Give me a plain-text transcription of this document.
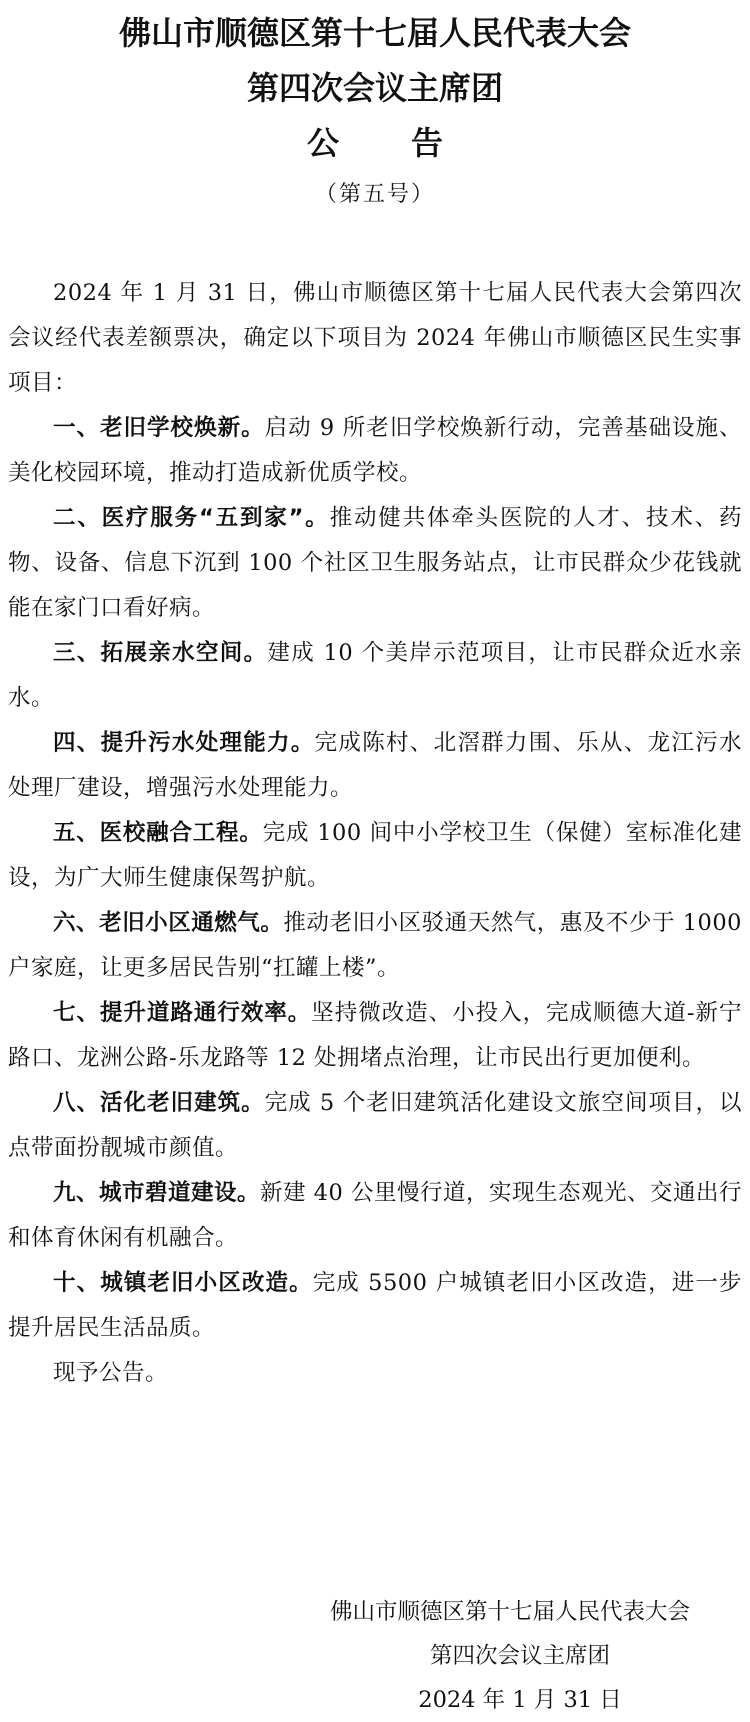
佛山市顺德区第十七届人民代表大会
第四次会议主席团
公告
（第五号）

2024 年 1 月 31 日，佛山市顺德区第十七届人民代表大会第四次会议经代表差额票决，确定以下项目为 2024 年佛山市顺德区民生实事项目：

一、老旧学校焕新。启动 9 所老旧学校焕新行动，完善基础设施、美化校园环境，推动打造成新优质学校。

二、医疗服务“五到家”。推动健共体牵头医院的人才、技术、药物、设备、信息下沉到 100 个社区卫生服务站点，让市民群众少花钱就能在家门口看好病。

三、拓展亲水空间。建成 10 个美岸示范项目，让市民群众近水亲水。

四、提升污水处理能力。完成陈村、北滘群力围、乐从、龙江污水处理厂建设，增强污水处理能力。

五、医校融合工程。完成 100 间中小学校卫生（保健）室标准化建设，为广大师生健康保驾护航。

六、老旧小区通燃气。推动老旧小区驳通天然气，惠及不少于 1000 户家庭，让更多居民告别“扛罐上楼”。

七、提升道路通行效率。坚持微改造、小投入，完成顺德大道-新宁路口、龙洲公路-乐龙路等 12 处拥堵点治理，让市民出行更加便利。

八、活化老旧建筑。完成 5 个老旧建筑活化建设文旅空间项目，以点带面扮靓城市颜值。

九、城市碧道建设。新建 40 公里慢行道，实现生态观光、交通出行和体育休闲有机融合。

十、城镇老旧小区改造。完成 5500 户城镇老旧小区改造，进一步提升居民生活品质。

现予公告。

佛山市顺德区第十七届人民代表大会
第四次会议主席团
2024 年 1 月 31 日
